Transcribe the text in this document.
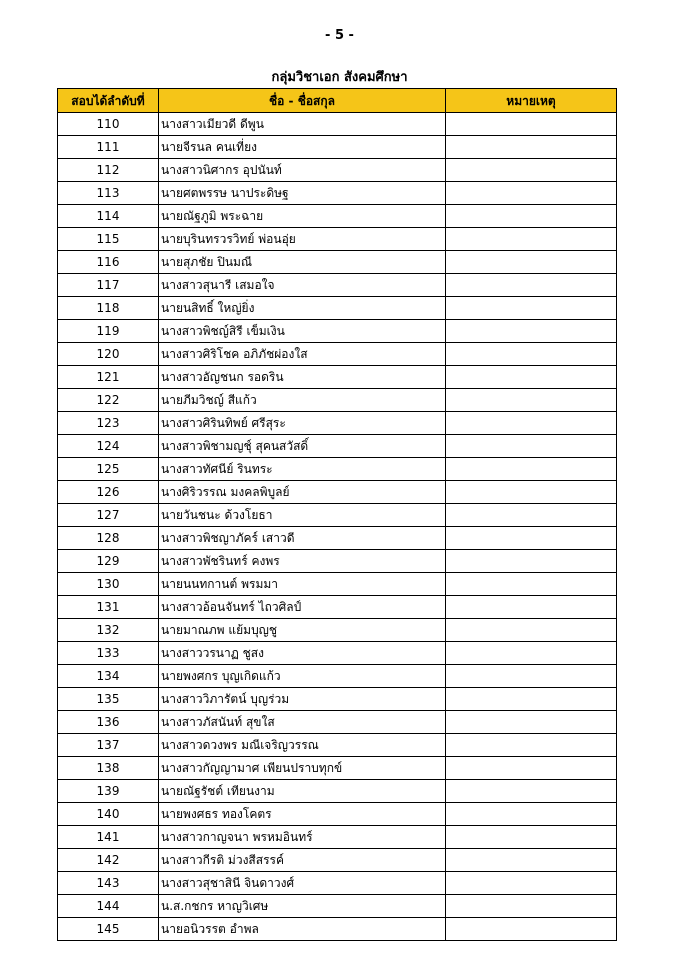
- 5 -
กลุ่มวิชาเอก สังคมศึกษา
สอบได้ลำดับที่	ชื่อ - ชื่อสกุล	หมายเหตุ
110	นางสาวเมียวดี ดีพูน	
111	นายจีรนล คนเที่ยง	
112	นางสาวนิศากร อุปนันท์	
113	นายศตพรรษ นาประดิษฐ	
114	นายณัฐภูมิ พระฉาย	
115	นายบุรินทรวรวิทย์ พ่อนอุ่ย	
116	นายสุภชัย ปินมณี	
117	นางสาวสุนารี เสมอใจ	
118	นายนสิทธิ์ ใหญ่ยิ่ง	
119	นางสาวพิชญ์สิรี เข็มเงิน	
120	นางสาวศิริโชค อภิภัชผ่องใส	
121	นางสาวอัญชนก รอดริน	
122	นายภีมวิชญ์ สีแก้ว	
123	นางสาวศิรินทิพย์ ศรีสุระ	
124	นางสาวพิชามญชุ์ สุคนสวัสดิ์	
125	นางสาวทัศนีย์ รินทระ	
126	นางศิริวรรณ มงคลพิบูลย์	
127	นายวันชนะ ด้วงโยธา	
128	นางสาวพิชญาภัคร์ เสาวดี	
129	นางสาวพัชรินทร์ คงพร	
130	นายนนทกานต์ พรมมา	
131	นางสาวอ้อนจันทร์ ไถวศิลป์	
132	นายมาณภพ แย้มบุญชู	
133	นางสาววรนาฏ ชูสง	
134	นายพงศกร บุญเกิดแก้ว	
135	นางสาววิภารัตน์ บุญร่วม	
136	นางสาวภัสนันท์ สุขใส	
137	นางสาวดวงพร มณีเจริญวรรณ	
138	นางสาวกัญญามาศ เพียนปราบทุกข์	
139	นายณัฐรัชต์ เทียนงาม	
140	นายพงศธร ทองโคตร	
141	นางสาวกาญจนา พรหมอินทร์	
142	นางสาวกีรติ ม่วงสีสรรค์	
143	นางสาวสุชาสินี จินดาวงศ์	
144	น.ส.กชกร หาญวิเศษ	
145	นายอนิวรรต อำพล	
